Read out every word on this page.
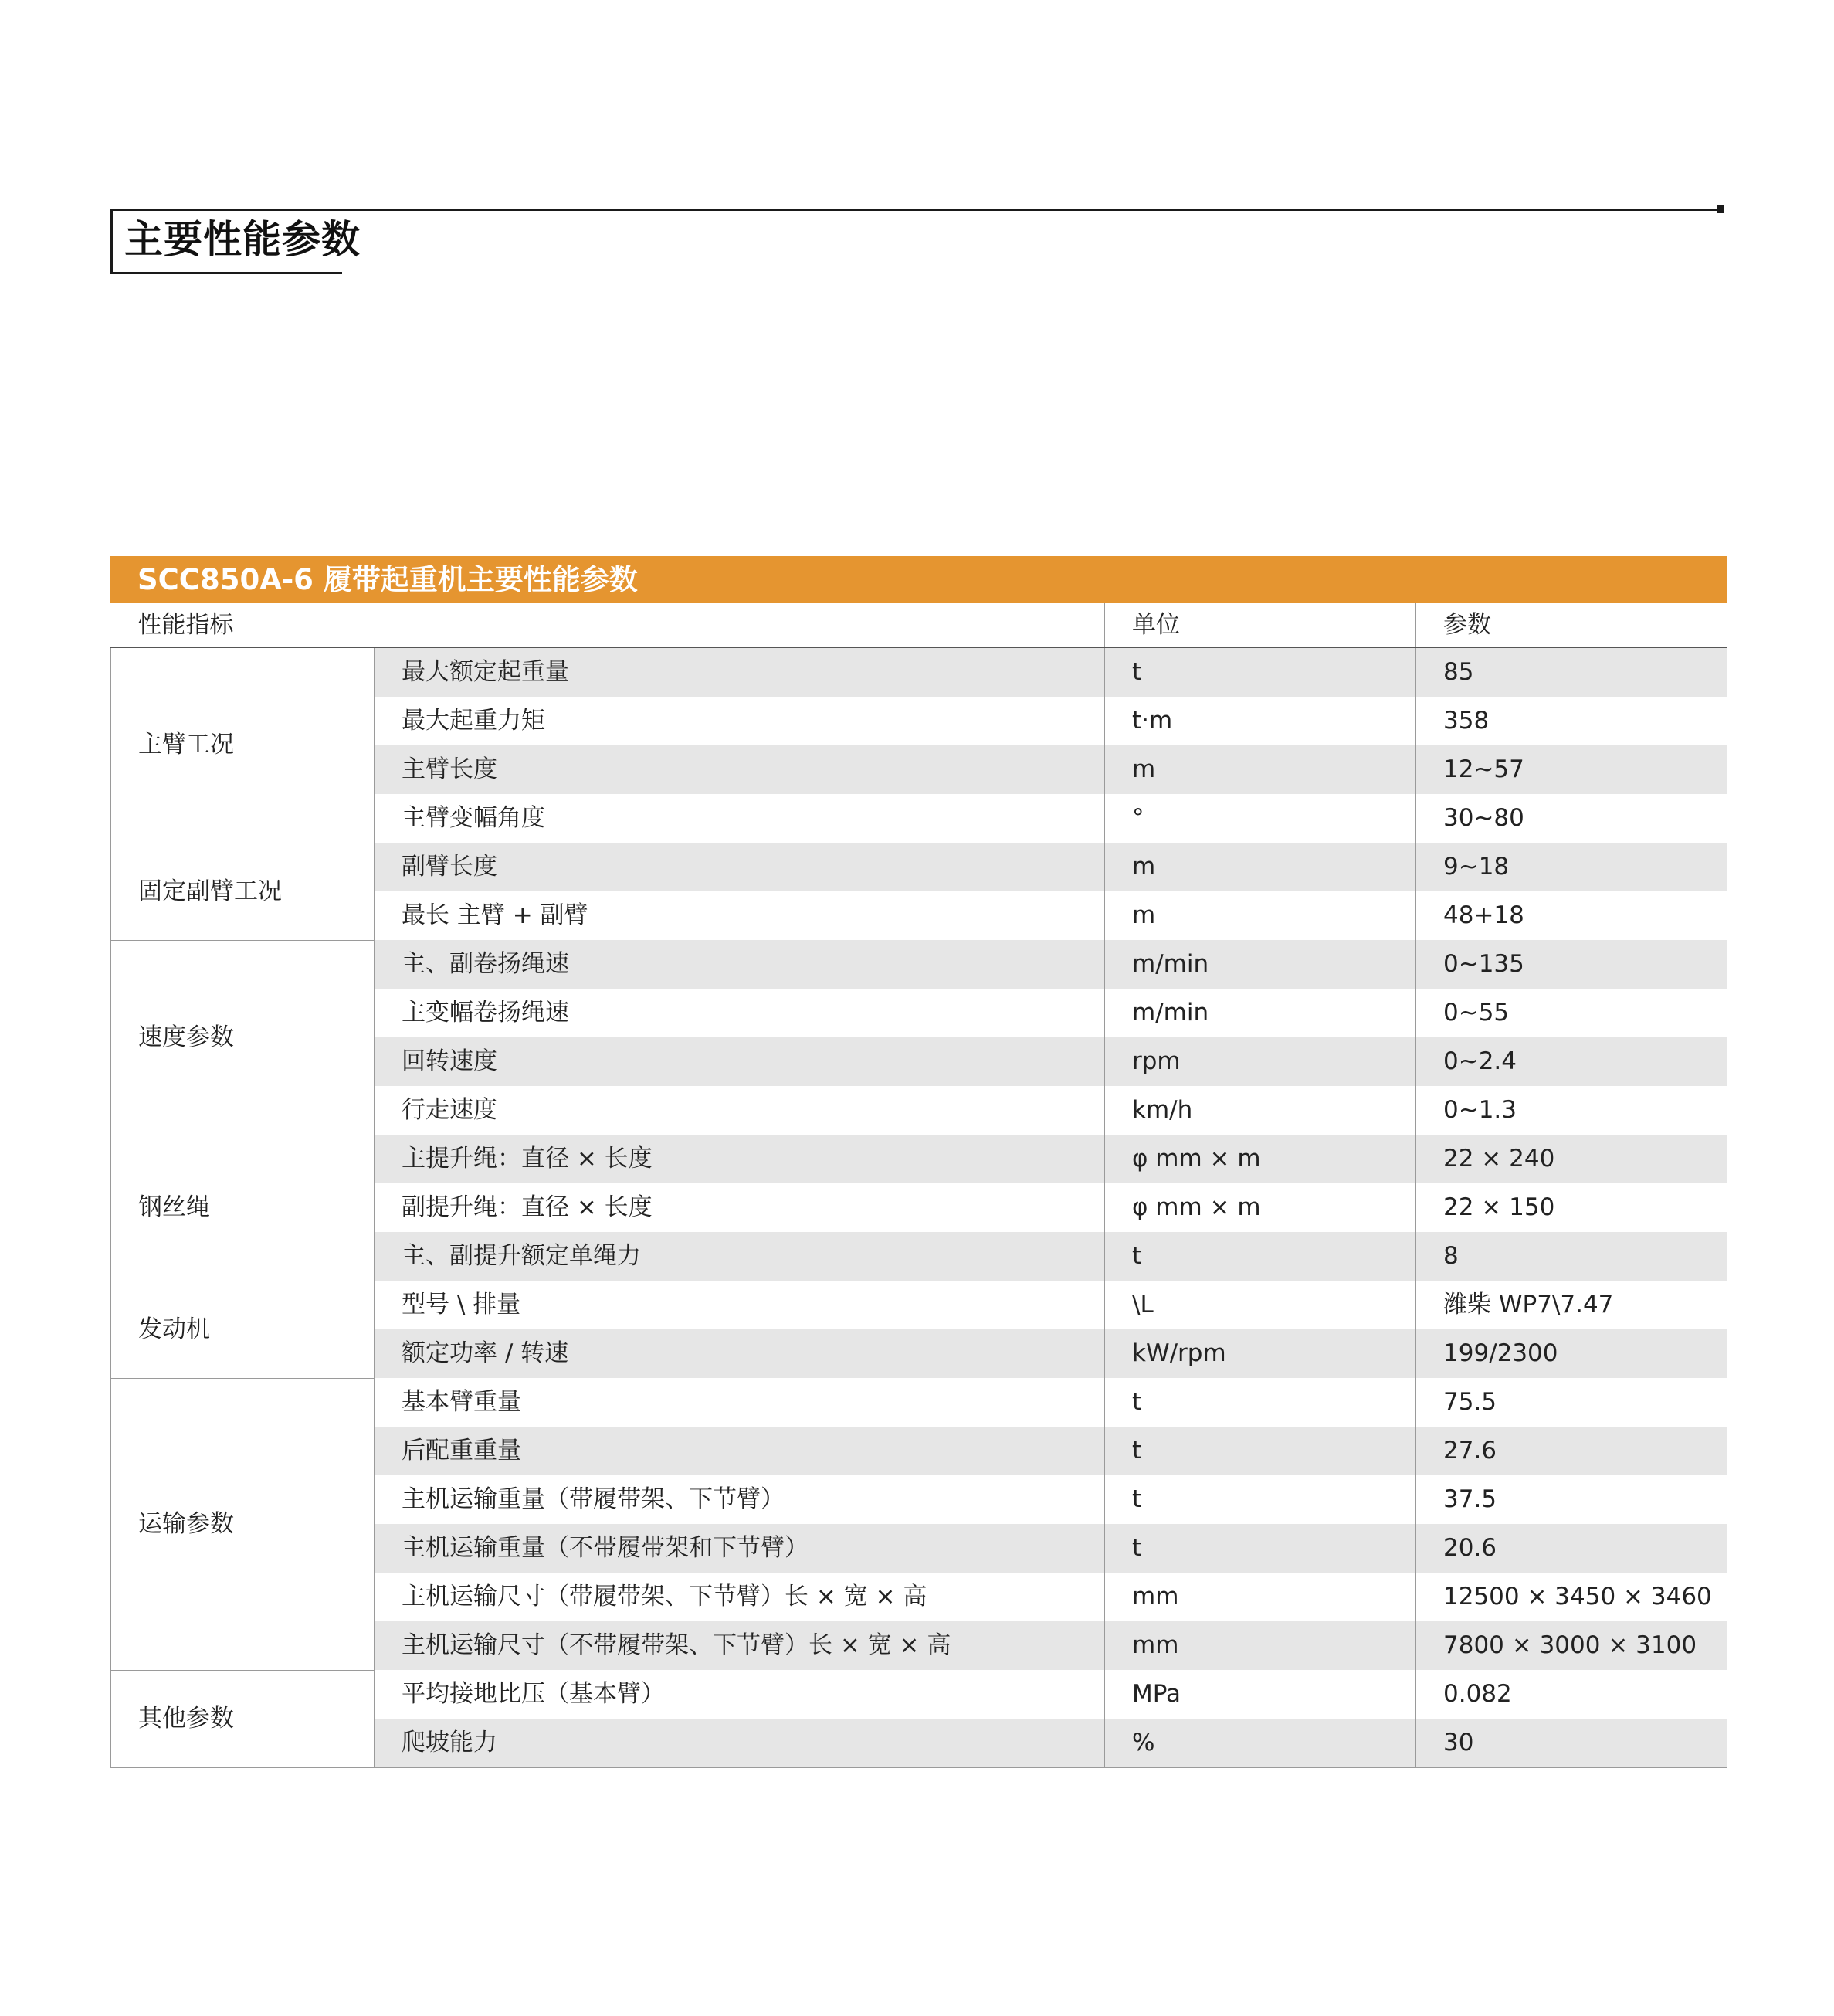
主要性能参数
SCC850A-6 履带起重机主要性能参数
性能指标		单位	参数
主臂工况	最大额定起重量	t	85
	最大起重力矩	t·m	358
	主臂长度	m	12~57
	主臂变幅角度	°	30~80
固定副臂工况	副臂长度	m	9~18
	最长 主臂 + 副臂	m	48+18
速度参数	主、副卷扬绳速	m/min	0~135
	主变幅卷扬绳速	m/min	0~55
	回转速度	rpm	0~2.4
	行走速度	km/h	0~1.3
钢丝绳	主提升绳：直径 × 长度	φ mm × m	22 × 240
	副提升绳：直径 × 长度	φ mm × m	22 × 150
	主、副提升额定单绳力	t	8
发动机	型号 \ 排量	\L	潍柴 WP7\7.47
	额定功率 / 转速	kW/rpm	199/2300
运输参数	基本臂重量	t	75.5
	后配重重量	t	27.6
	主机运输重量（带履带架、下节臂）	t	37.5
	主机运输重量（不带履带架和下节臂）	t	20.6
	主机运输尺寸（带履带架、下节臂）长 × 宽 × 高	mm	12500 × 3450 × 3460
	主机运输尺寸（不带履带架、下节臂）长 × 宽 × 高	mm	7800 × 3000 × 3100
其他参数	平均接地比压（基本臂）	MPa	0.082
	爬坡能力	%	30
